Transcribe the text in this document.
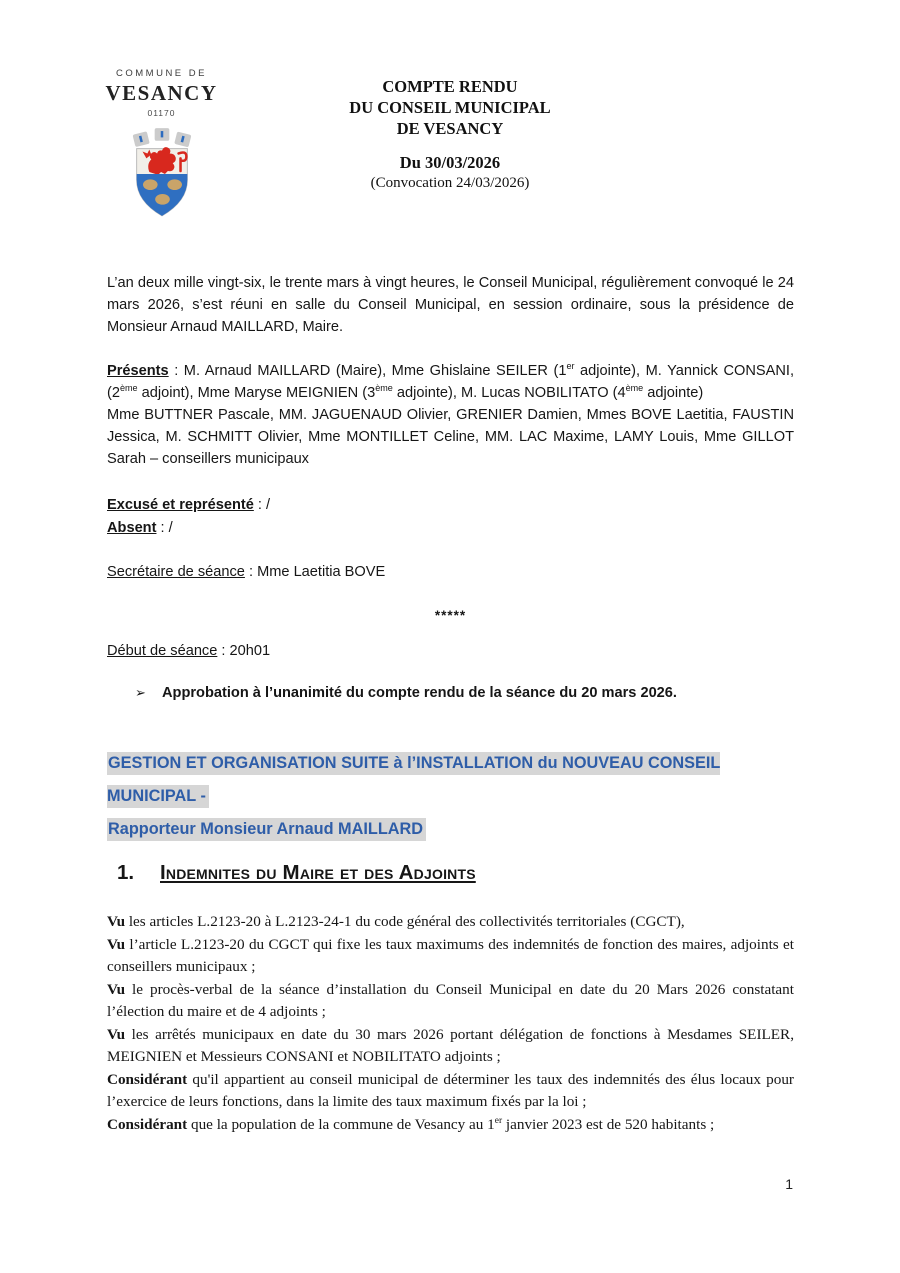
COMMUNE DE
VESANCY
01170
COMPTE RENDU
DU CONSEIL MUNICIPAL
DE VESANCY
Du 30/03/2026
(Convocation 24/03/2026)

L’an deux mille vingt-six, le trente mars à vingt heures, le Conseil Municipal, régulièrement convoqué le 24 mars 2026, s’est réuni en salle du Conseil Municipal, en session ordinaire, sous la présidence de Monsieur Arnaud MAILLARD, Maire.

Présents : M. Arnaud MAILLARD (Maire), Mme Ghislaine SEILER (1er adjointe), M. Yannick CONSANI, (2ème adjoint), Mme Maryse MEIGNIEN (3ème adjointe), M. Lucas NOBILITATO (4ème adjointe)
Mme BUTTNER Pascale, MM. JAGUENAUD Olivier, GRENIER Damien, Mmes BOVE Laetitia, FAUSTIN Jessica, M. SCHMITT Olivier, Mme MONTILLET Celine, MM. LAC Maxime, LAMY Louis, Mme GILLOT Sarah – conseillers municipaux
Excusé et représenté : /
Absent : /

Secrétaire de séance : Mme Laetitia BOVE

*****

Début de séance : 20h01

➢ Approbation à l’unanimité du compte rendu de la séance du 20 mars 2026.

GESTION ET ORGANISATION SUITE à l’INSTALLATION du NOUVEAU CONSEIL MUNICIPAL -
Rapporteur Monsieur Arnaud MAILLARD
1.	Indemnites du Maire et des Adjoints

Vu les articles L.2123-20 à L.2123-24-1 du code général des collectivités territoriales (CGCT),

Vu l’article L.2123-20 du CGCT qui fixe les taux maximums des indemnités de fonction des maires, adjoints et conseillers municipaux ;

Vu le procès-verbal de la séance d’installation du Conseil Municipal en date du 20 Mars 2026 constatant l’élection du maire et de 4 adjoints ;

Vu les arrêtés municipaux en date du 30 mars 2026 portant délégation de fonctions à Mesdames SEILER, MEIGNIEN et Messieurs CONSANI et NOBILITATO adjoints ;

Considérant qu'il appartient au conseil municipal de déterminer les taux des indemnités des élus locaux pour l’exercice de leurs fonctions, dans la limite des taux maximum fixés par la loi ;

Considérant que la population de la commune de Vesancy au 1er janvier 2023 est de 520 habitants ;

1
